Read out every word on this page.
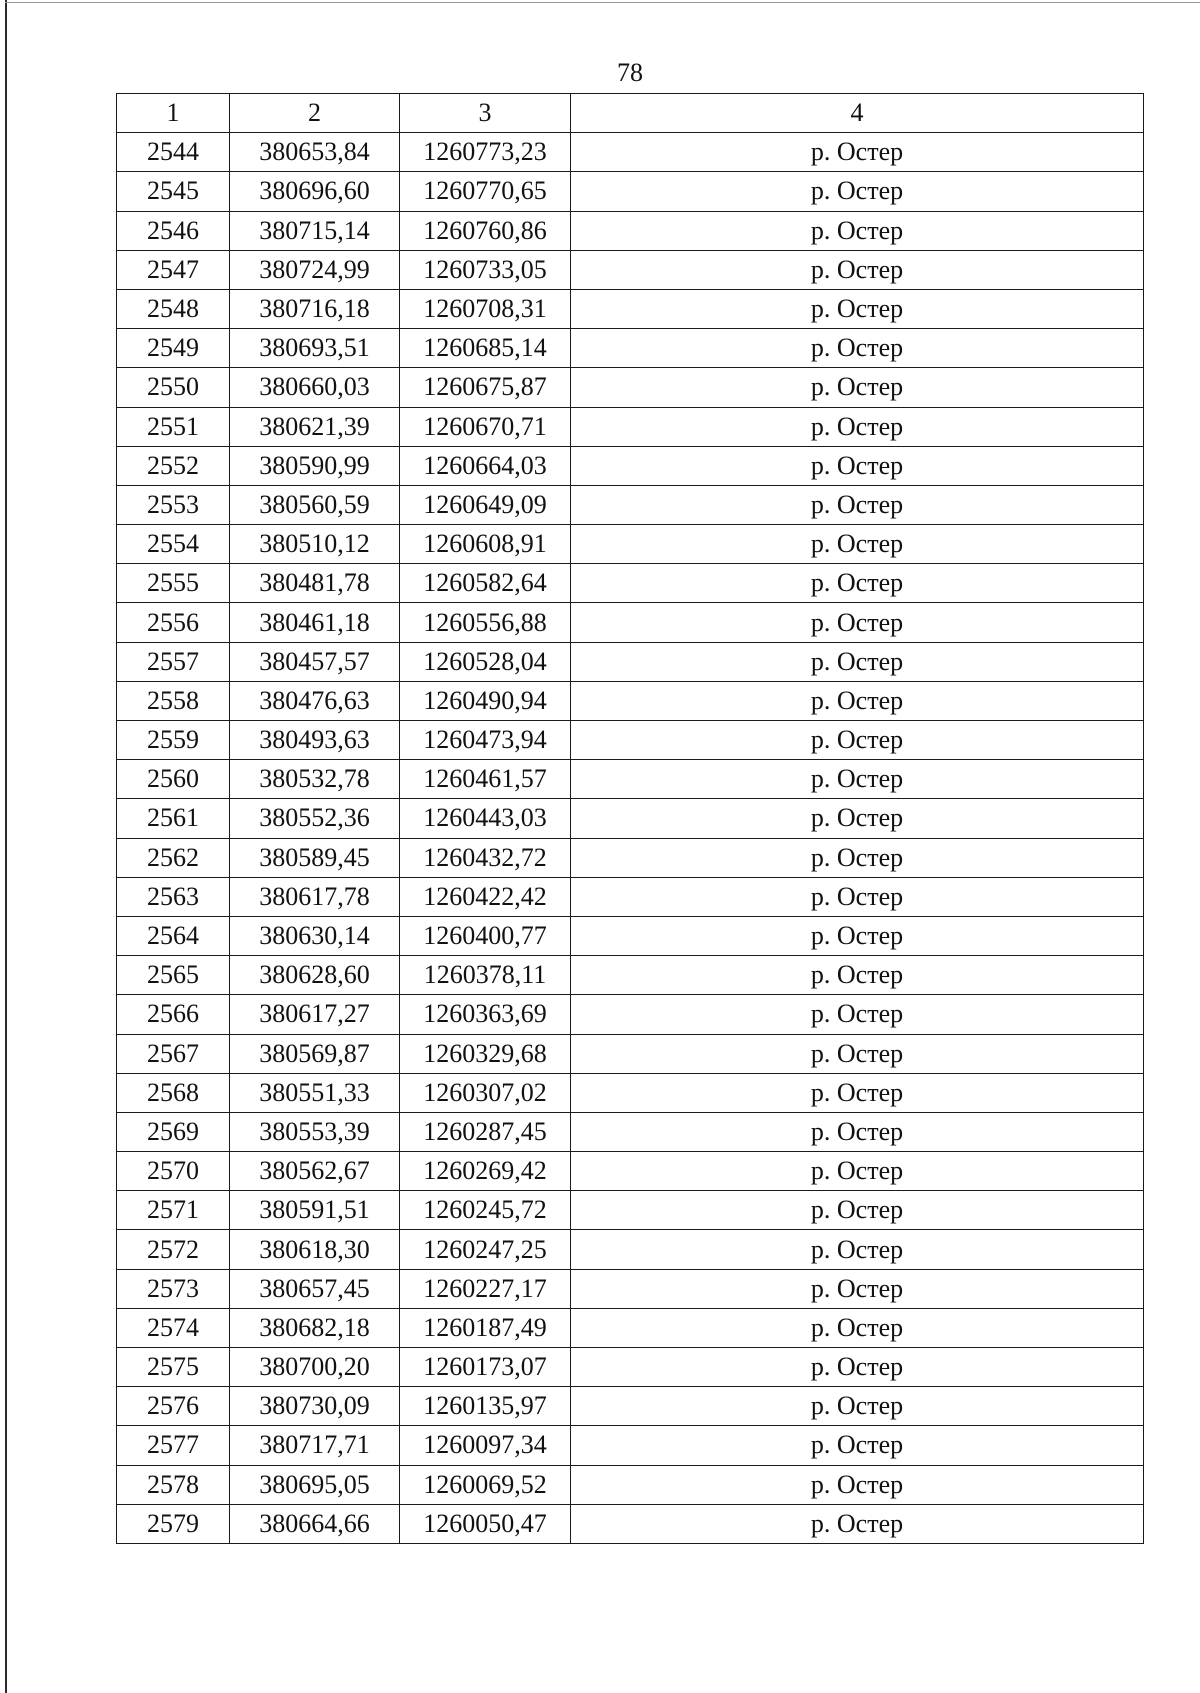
78
1	2	3	4
2544	380653,84	1260773,23	р. Остер
2545	380696,60	1260770,65	р. Остер
2546	380715,14	1260760,86	р. Остер
2547	380724,99	1260733,05	р. Остер
2548	380716,18	1260708,31	р. Остер
2549	380693,51	1260685,14	р. Остер
2550	380660,03	1260675,87	р. Остер
2551	380621,39	1260670,71	р. Остер
2552	380590,99	1260664,03	р. Остер
2553	380560,59	1260649,09	р. Остер
2554	380510,12	1260608,91	р. Остер
2555	380481,78	1260582,64	р. Остер
2556	380461,18	1260556,88	р. Остер
2557	380457,57	1260528,04	р. Остер
2558	380476,63	1260490,94	р. Остер
2559	380493,63	1260473,94	р. Остер
2560	380532,78	1260461,57	р. Остер
2561	380552,36	1260443,03	р. Остер
2562	380589,45	1260432,72	р. Остер
2563	380617,78	1260422,42	р. Остер
2564	380630,14	1260400,77	р. Остер
2565	380628,60	1260378,11	р. Остер
2566	380617,27	1260363,69	р. Остер
2567	380569,87	1260329,68	р. Остер
2568	380551,33	1260307,02	р. Остер
2569	380553,39	1260287,45	р. Остер
2570	380562,67	1260269,42	р. Остер
2571	380591,51	1260245,72	р. Остер
2572	380618,30	1260247,25	р. Остер
2573	380657,45	1260227,17	р. Остер
2574	380682,18	1260187,49	р. Остер
2575	380700,20	1260173,07	р. Остер
2576	380730,09	1260135,97	р. Остер
2577	380717,71	1260097,34	р. Остер
2578	380695,05	1260069,52	р. Остер
2579	380664,66	1260050,47	р. Остер
